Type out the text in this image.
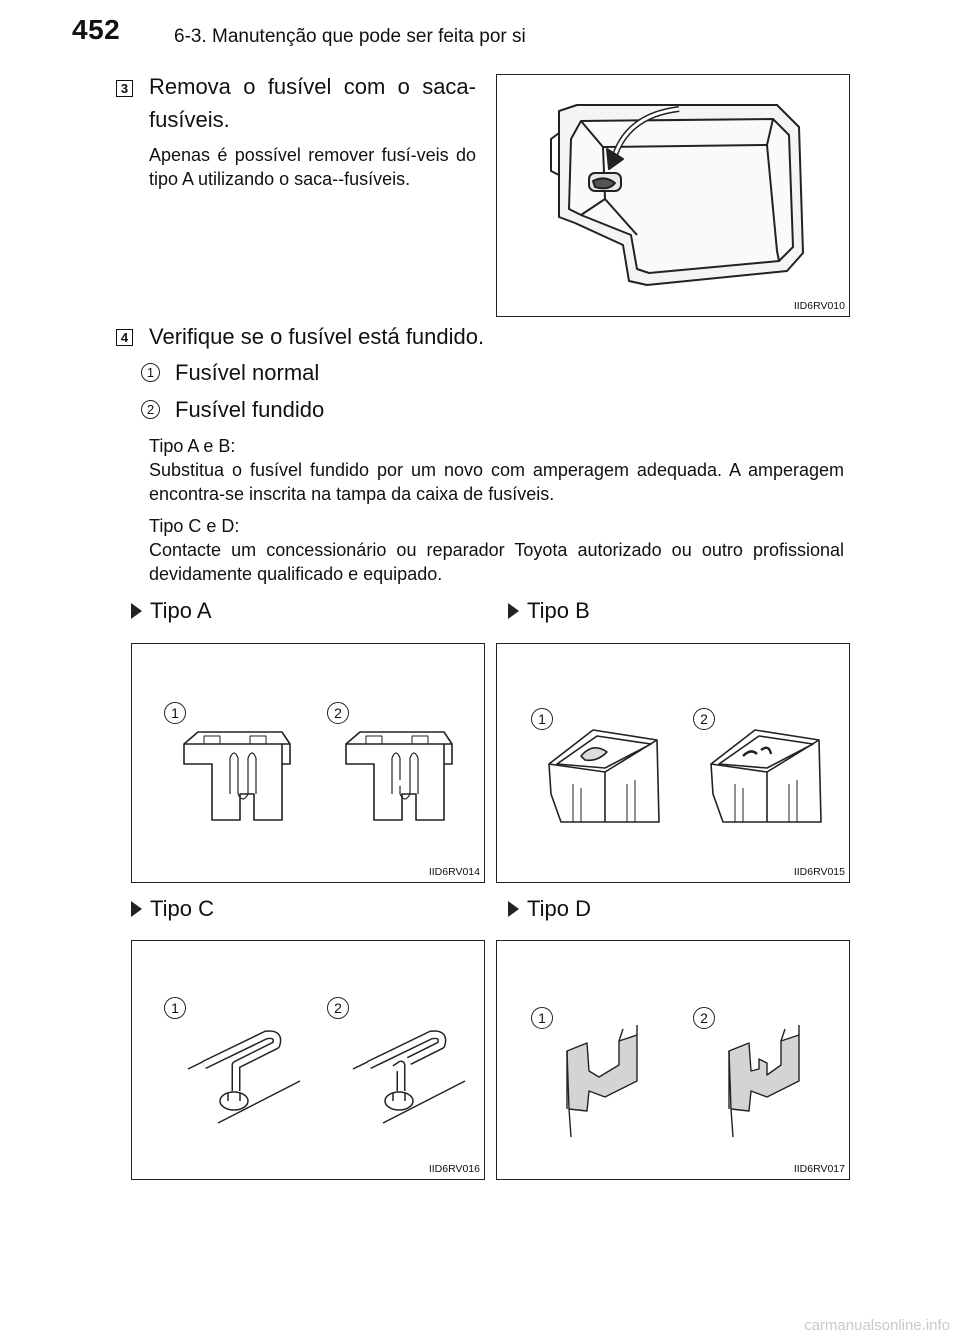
452	6-3. Manutenção que pode ser feita por si
3 Remova o fusível com o saca-
fusíveis.
Apenas é possível remover fusí-veis do tipo A utilizando o saca--fusíveis.
IID6RV010
4 Verifique se o fusível está fundido.
1 Fusível normal
2 Fusível fundido
Tipo A e B:
Substitua o fusível fundido por um novo com amperagem adequada. A amperagem encontra-se inscrita na tampa da caixa de fusíveis.
Tipo C e D:
Contacte um concessionário ou reparador Toyota autorizado ou outro profissional devidamente qualificado e equipado.
Tipo A	Tipo B
1	2
IID6RV014
1	2
IID6RV015
Tipo C	Tipo D
1	2
IID6RV016
1	2
IID6RV017
carmanualsonline.info
